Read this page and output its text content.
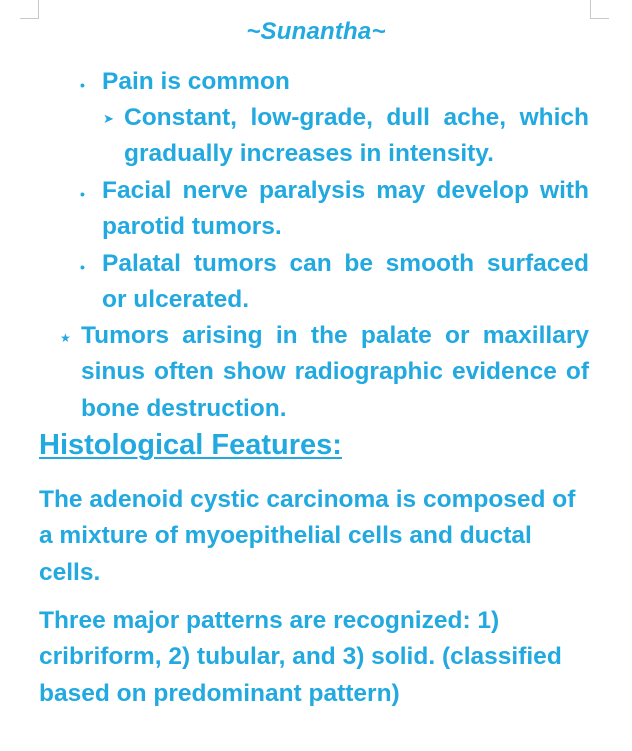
~Sunantha~
• Pain is common
➤ Constant, low-grade, dull ache, which gradually increases in intensity.
• Facial nerve paralysis may develop with parotid tumors.
• Palatal tumors can be smooth surfaced or ulcerated.
★ Tumors arising in the palate or maxillary sinus often show radiographic evidence of bone destruction.
Histological Features:
The adenoid cystic carcinoma is composed of a mixture of myoepithelial cells and ductal cells.
Three major patterns are recognized: 1) cribriform, 2) tubular, and 3) solid. (classified based on predominant pattern)
